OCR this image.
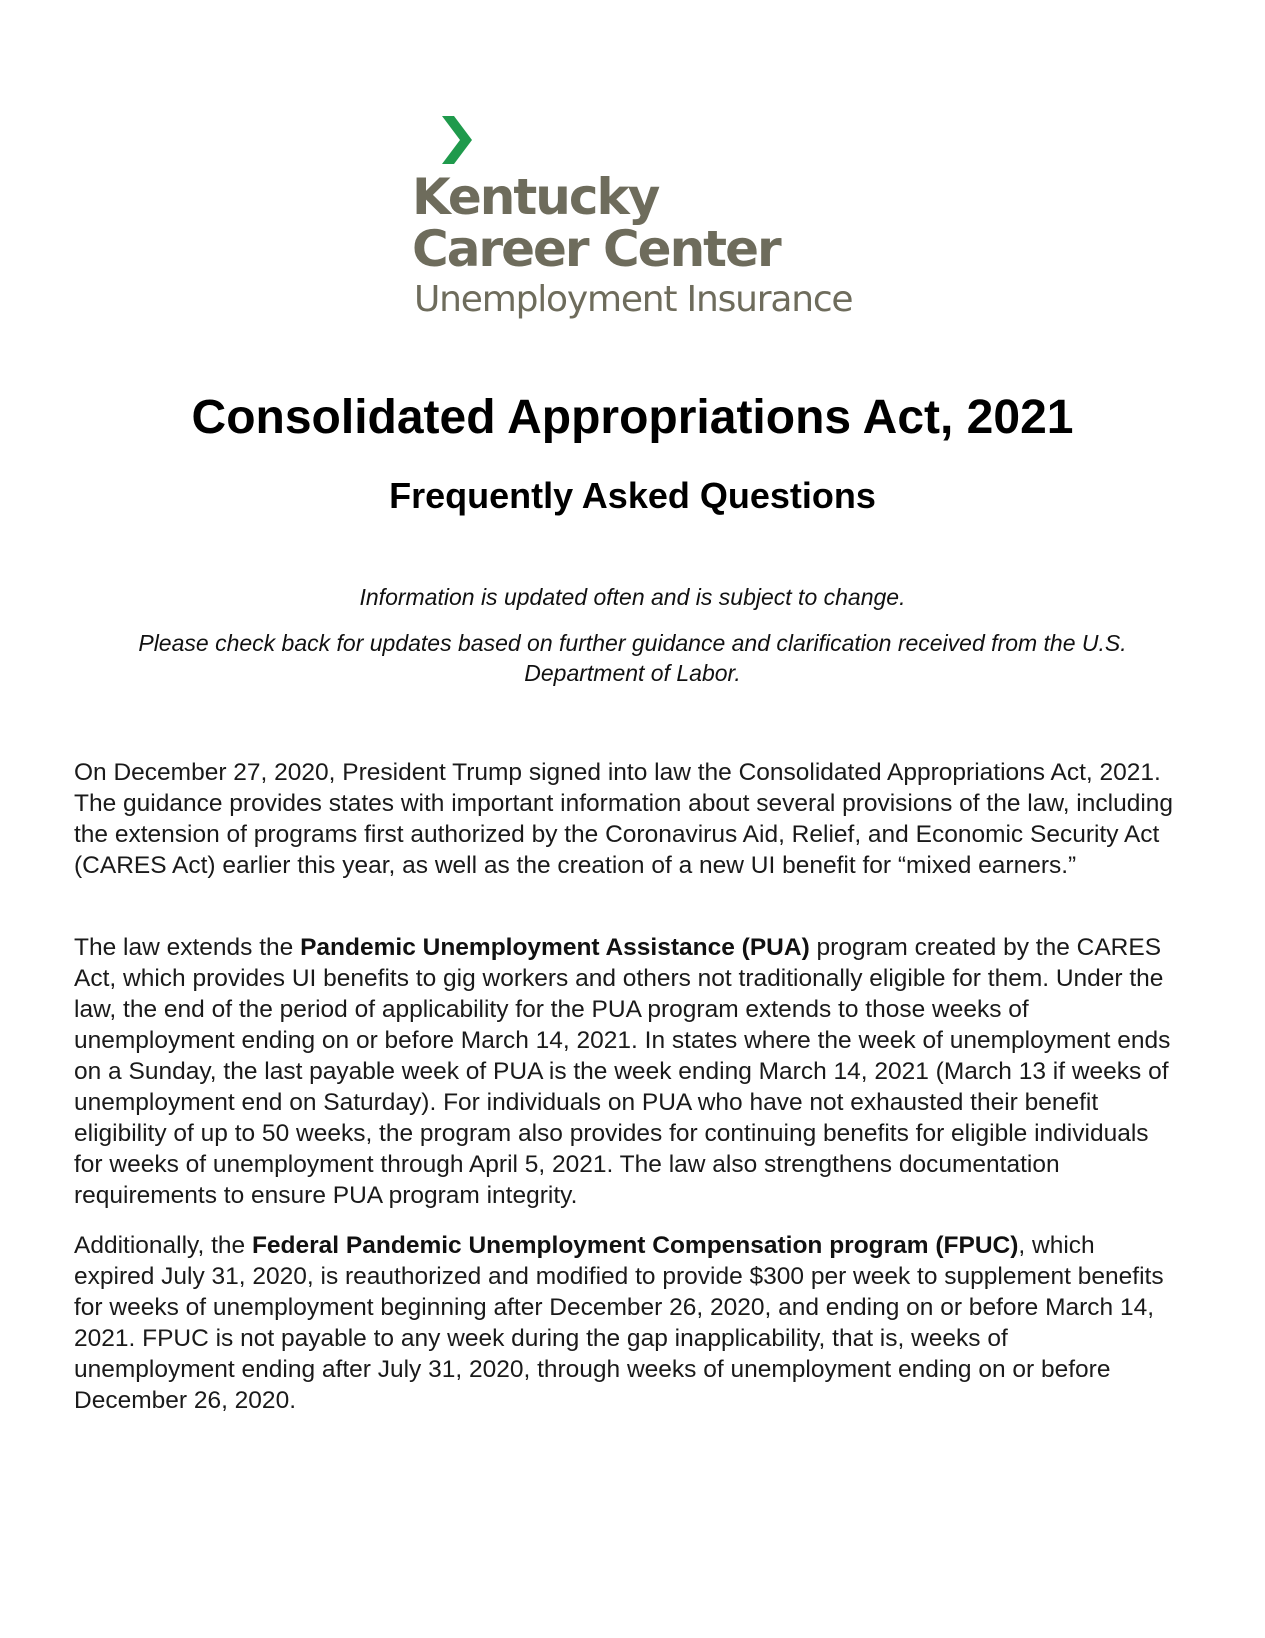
Kentucky
Career Center
Unemployment Insurance
Consolidated Appropriations Act, 2021
Frequently Asked Questions

Information is updated often and is subject to change.

Please check back for updates based on further guidance and clarification received from the U.S. Department of Labor.

On December 27, 2020, President Trump signed into law the Consolidated Appropriations Act, 2021. The guidance provides states with important information about several provisions of the law, including the extension of programs first authorized by the Coronavirus Aid, Relief, and Economic Security Act (CARES Act) earlier this year, as well as the creation of a new UI benefit for “mixed earners.”

The law extends the Pandemic Unemployment Assistance (PUA) program created by the CARES Act, which provides UI benefits to gig workers and others not traditionally eligible for them. Under the law, the end of the period of applicability for the PUA program extends to those weeks of unemployment ending on or before March 14, 2021. In states where the week of unemployment ends on a Sunday, the last payable week of PUA is the week ending March 14, 2021 (March 13 if weeks of unemployment end on Saturday). For individuals on PUA who have not exhausted their benefit eligibility of up to 50 weeks, the program also provides for continuing benefits for eligible individuals for weeks of unemployment through April 5, 2021. The law also strengthens documentation requirements to ensure PUA program integrity.

Additionally, the Federal Pandemic Unemployment Compensation program (FPUC), which expired July 31, 2020, is reauthorized and modified to provide $300 per week to supplement benefits for weeks of unemployment beginning after December 26, 2020, and ending on or before March 14, 2021. FPUC is not payable to any week during the gap inapplicability, that is, weeks of unemployment ending after July 31, 2020, through weeks of unemployment ending on or before December 26, 2020.
